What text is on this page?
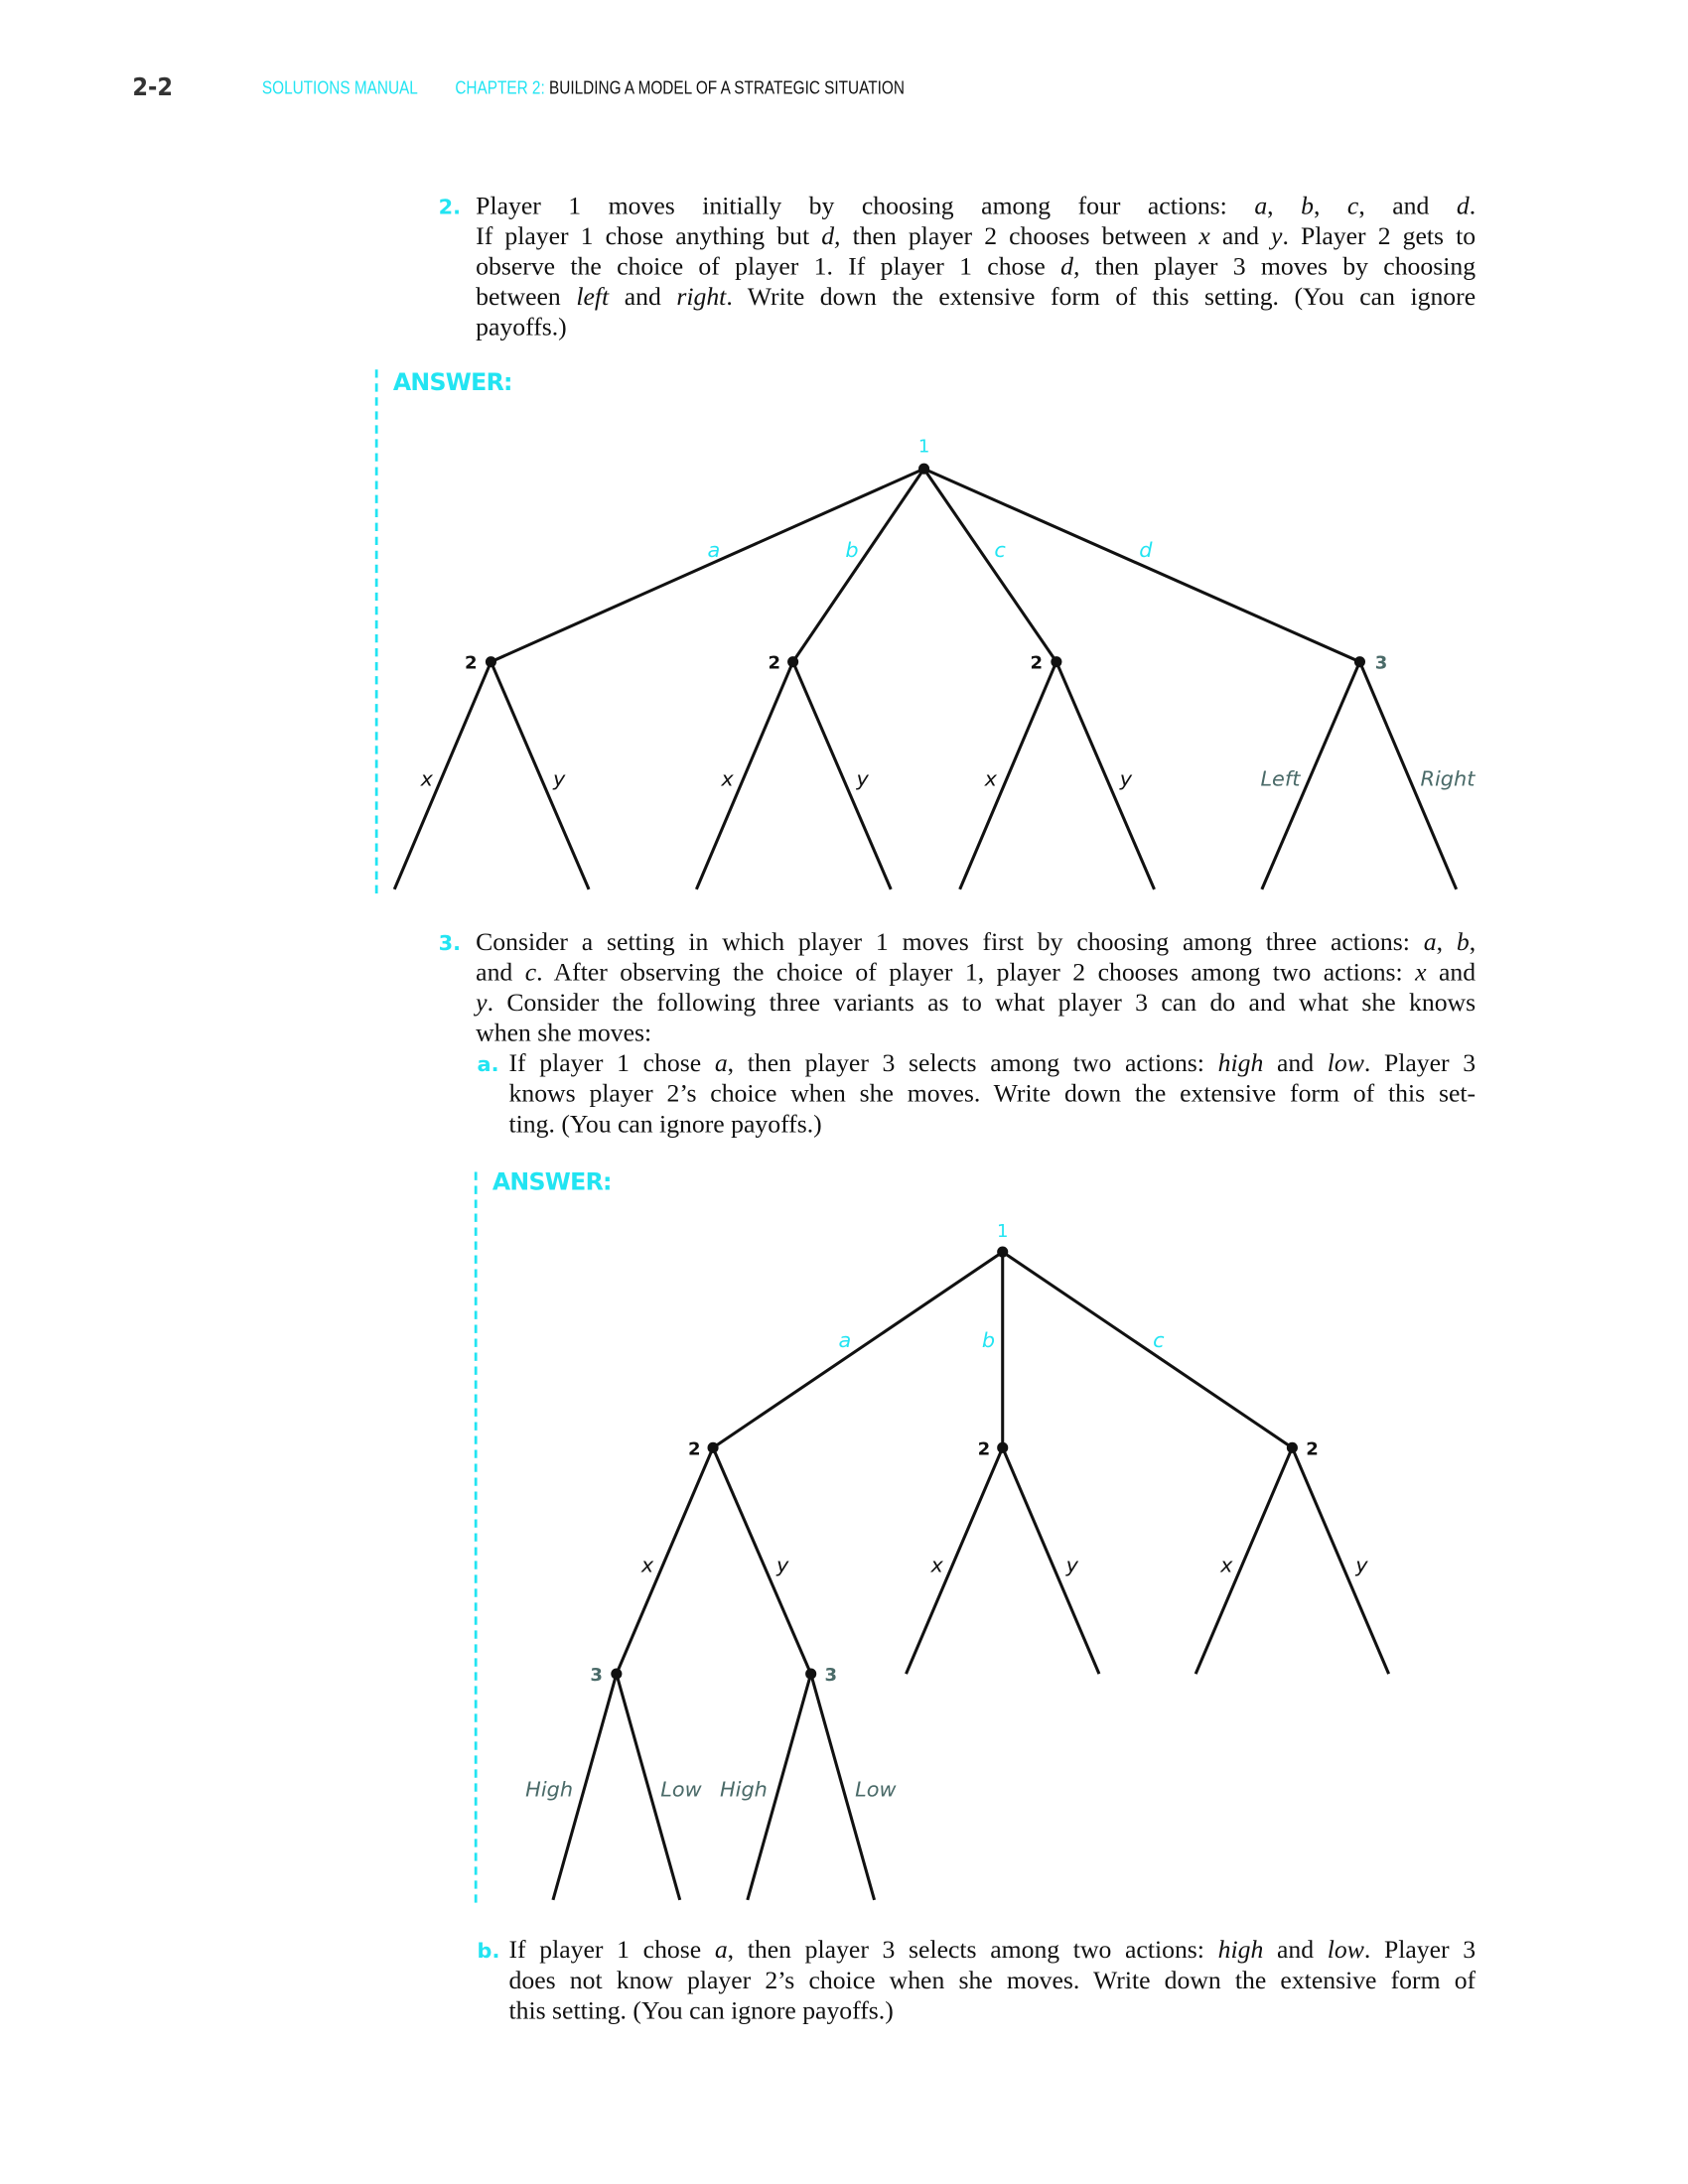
2-2	SOLUTIONS MANUAL	CHAPTER 2: BUILDING A MODEL OF A STRATEGIC SITUATION
2. Player 1 moves initially by choosing among four actions: a, b, c, and d.
If player 1 chose anything but d, then player 2 chooses between x and y. Player 2 gets to
observe the choice of player 1. If player 1 chose d, then player 3 moves by choosing
between left and right. Write down the extensive form of this setting. (You can ignore
payoffs.)
ANSWER:
1
a	b	c	d
2	2	2	3
x	y	x	y	x	y	Left	Right
1
a	b	c
2	2	2
x	y	x	y	x	y
3	3
High	Low High	Low
3. Consider a setting in which player 1 moves first by choosing among three actions: a, b,
and c. After observing the choice of player 1, player 2 chooses among two actions: x and
y. Consider the following three variants as to what player 3 can do and what she knows
when she moves:
a. If player 1 chose a, then player 3 selects among two actions: high and low. Player 3
knows player 2’s choice when she moves. Write down the extensive form of this set-
ting. (You can ignore payoffs.)
ANSWER:
b. If player 1 chose a, then player 3 selects among two actions: high and low. Player 3
does not know player 2’s choice when she moves. Write down the extensive form of
this setting. (You can ignore payoffs.)
